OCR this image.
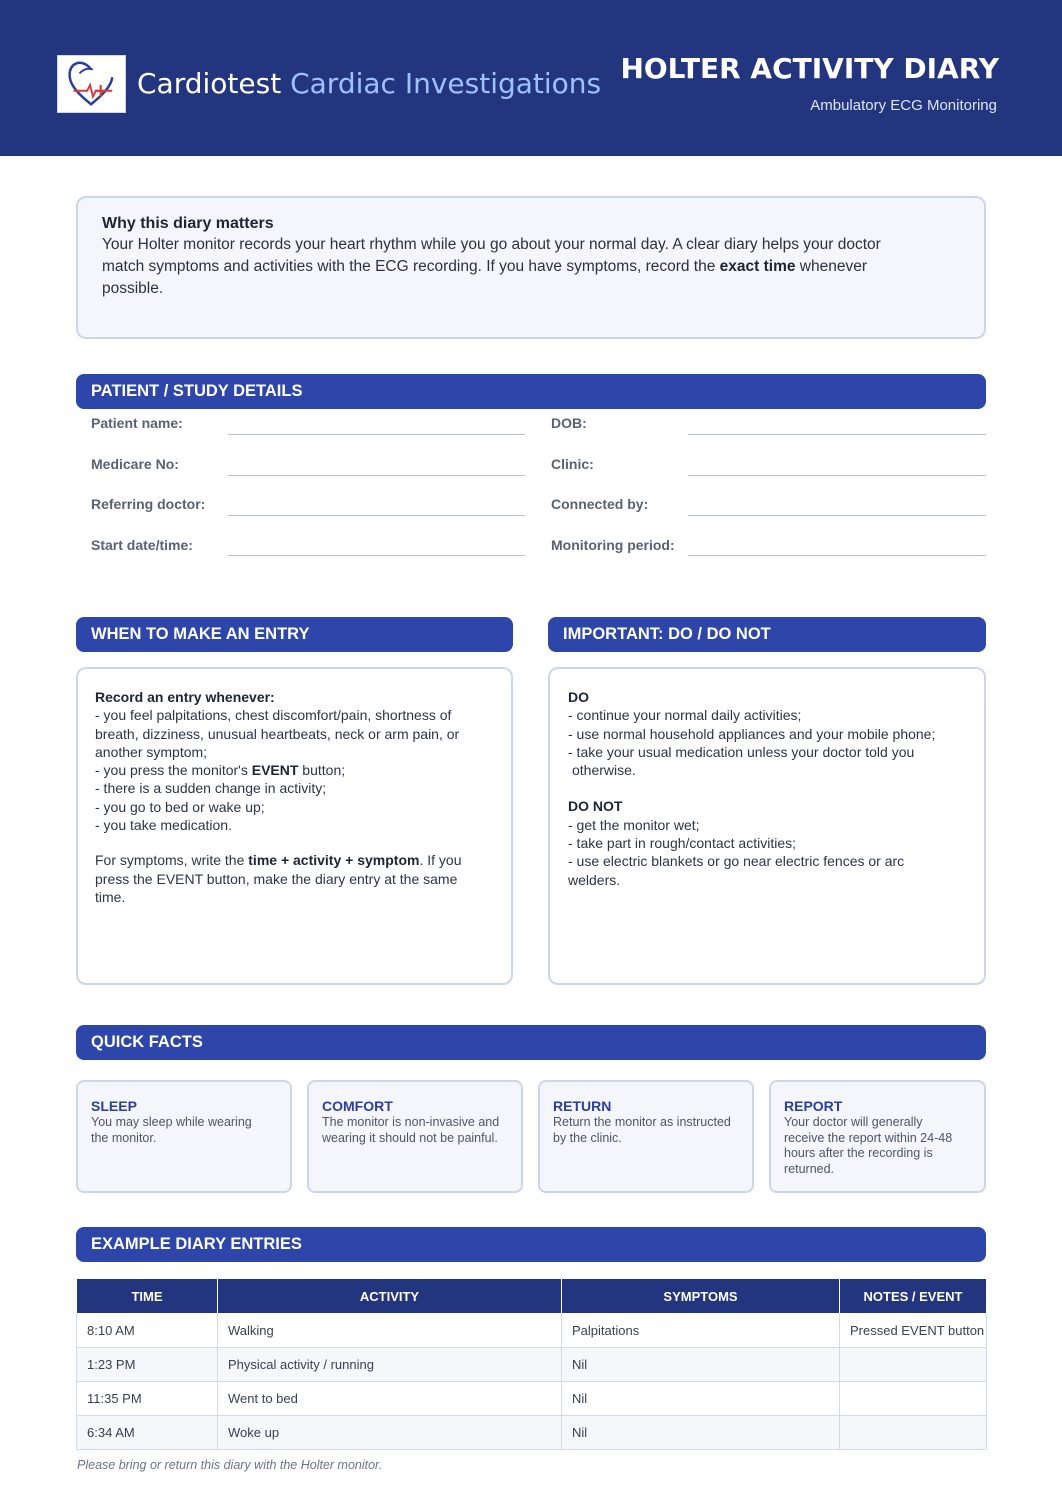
Cardiotest Cardiac Investigations HOLTER ACTIVITY DIARY
Ambulatory ECG Monitoring
Why this diary matters
Your Holter monitor records your heart rhythm while you go about your normal day. A clear diary helps your doctor
match symptoms and activities with the ECG recording. If you have symptoms, record the exact time whenever
possible.
PATIENT / STUDY DETAILS
Patient name:	DOB:
Medicare No:	Clinic:
Referring doctor:	Connected by:
Start date/time:	Monitoring period:
WHEN TO MAKE AN ENTRY
Record an entry whenever:
- you feel palpitations, chest discomfort/pain, shortness of
breath, dizziness, unusual heartbeats, neck or arm pain, or
another symptom;
- you press the monitor's EVENT button;
- there is a sudden change in activity;
- you go to bed or wake up;
- you take medication.
For symptoms, write the time + activity + symptom. If you
press the EVENT button, make the diary entry at the same
time.
IMPORTANT: DO / DO NOT
DO
- continue your normal daily activities;
- use normal household appliances and your mobile phone;
- take your usual medication unless your doctor told you
otherwise.
DO NOT
- get the monitor wet;
- take part in rough/contact activities;
- use electric blankets or go near electric fences or arc
welders.
QUICK FACTS
SLEEP
You may sleep while wearing
the monitor.
COMFORT
The monitor is non-invasive and
wearing it should not be painful.
RETURN
Return the monitor as instructed
by the clinic.
REPORT
Your doctor will generally
receive the report within 24-48
hours after the recording is
returned.
EXAMPLE DIARY ENTRIES
TIME	ACTIVITY	SYMPTOMS	NOTES / EVENT
8:10 AM	Walking	Palpitations	Pressed EVENT button
1:23 PM	Physical activity / running	Nil	
11:35 PM	Went to bed	Nil	
6:34 AM	Woke up	Nil	
Please bring or return this diary with the Holter monitor.
